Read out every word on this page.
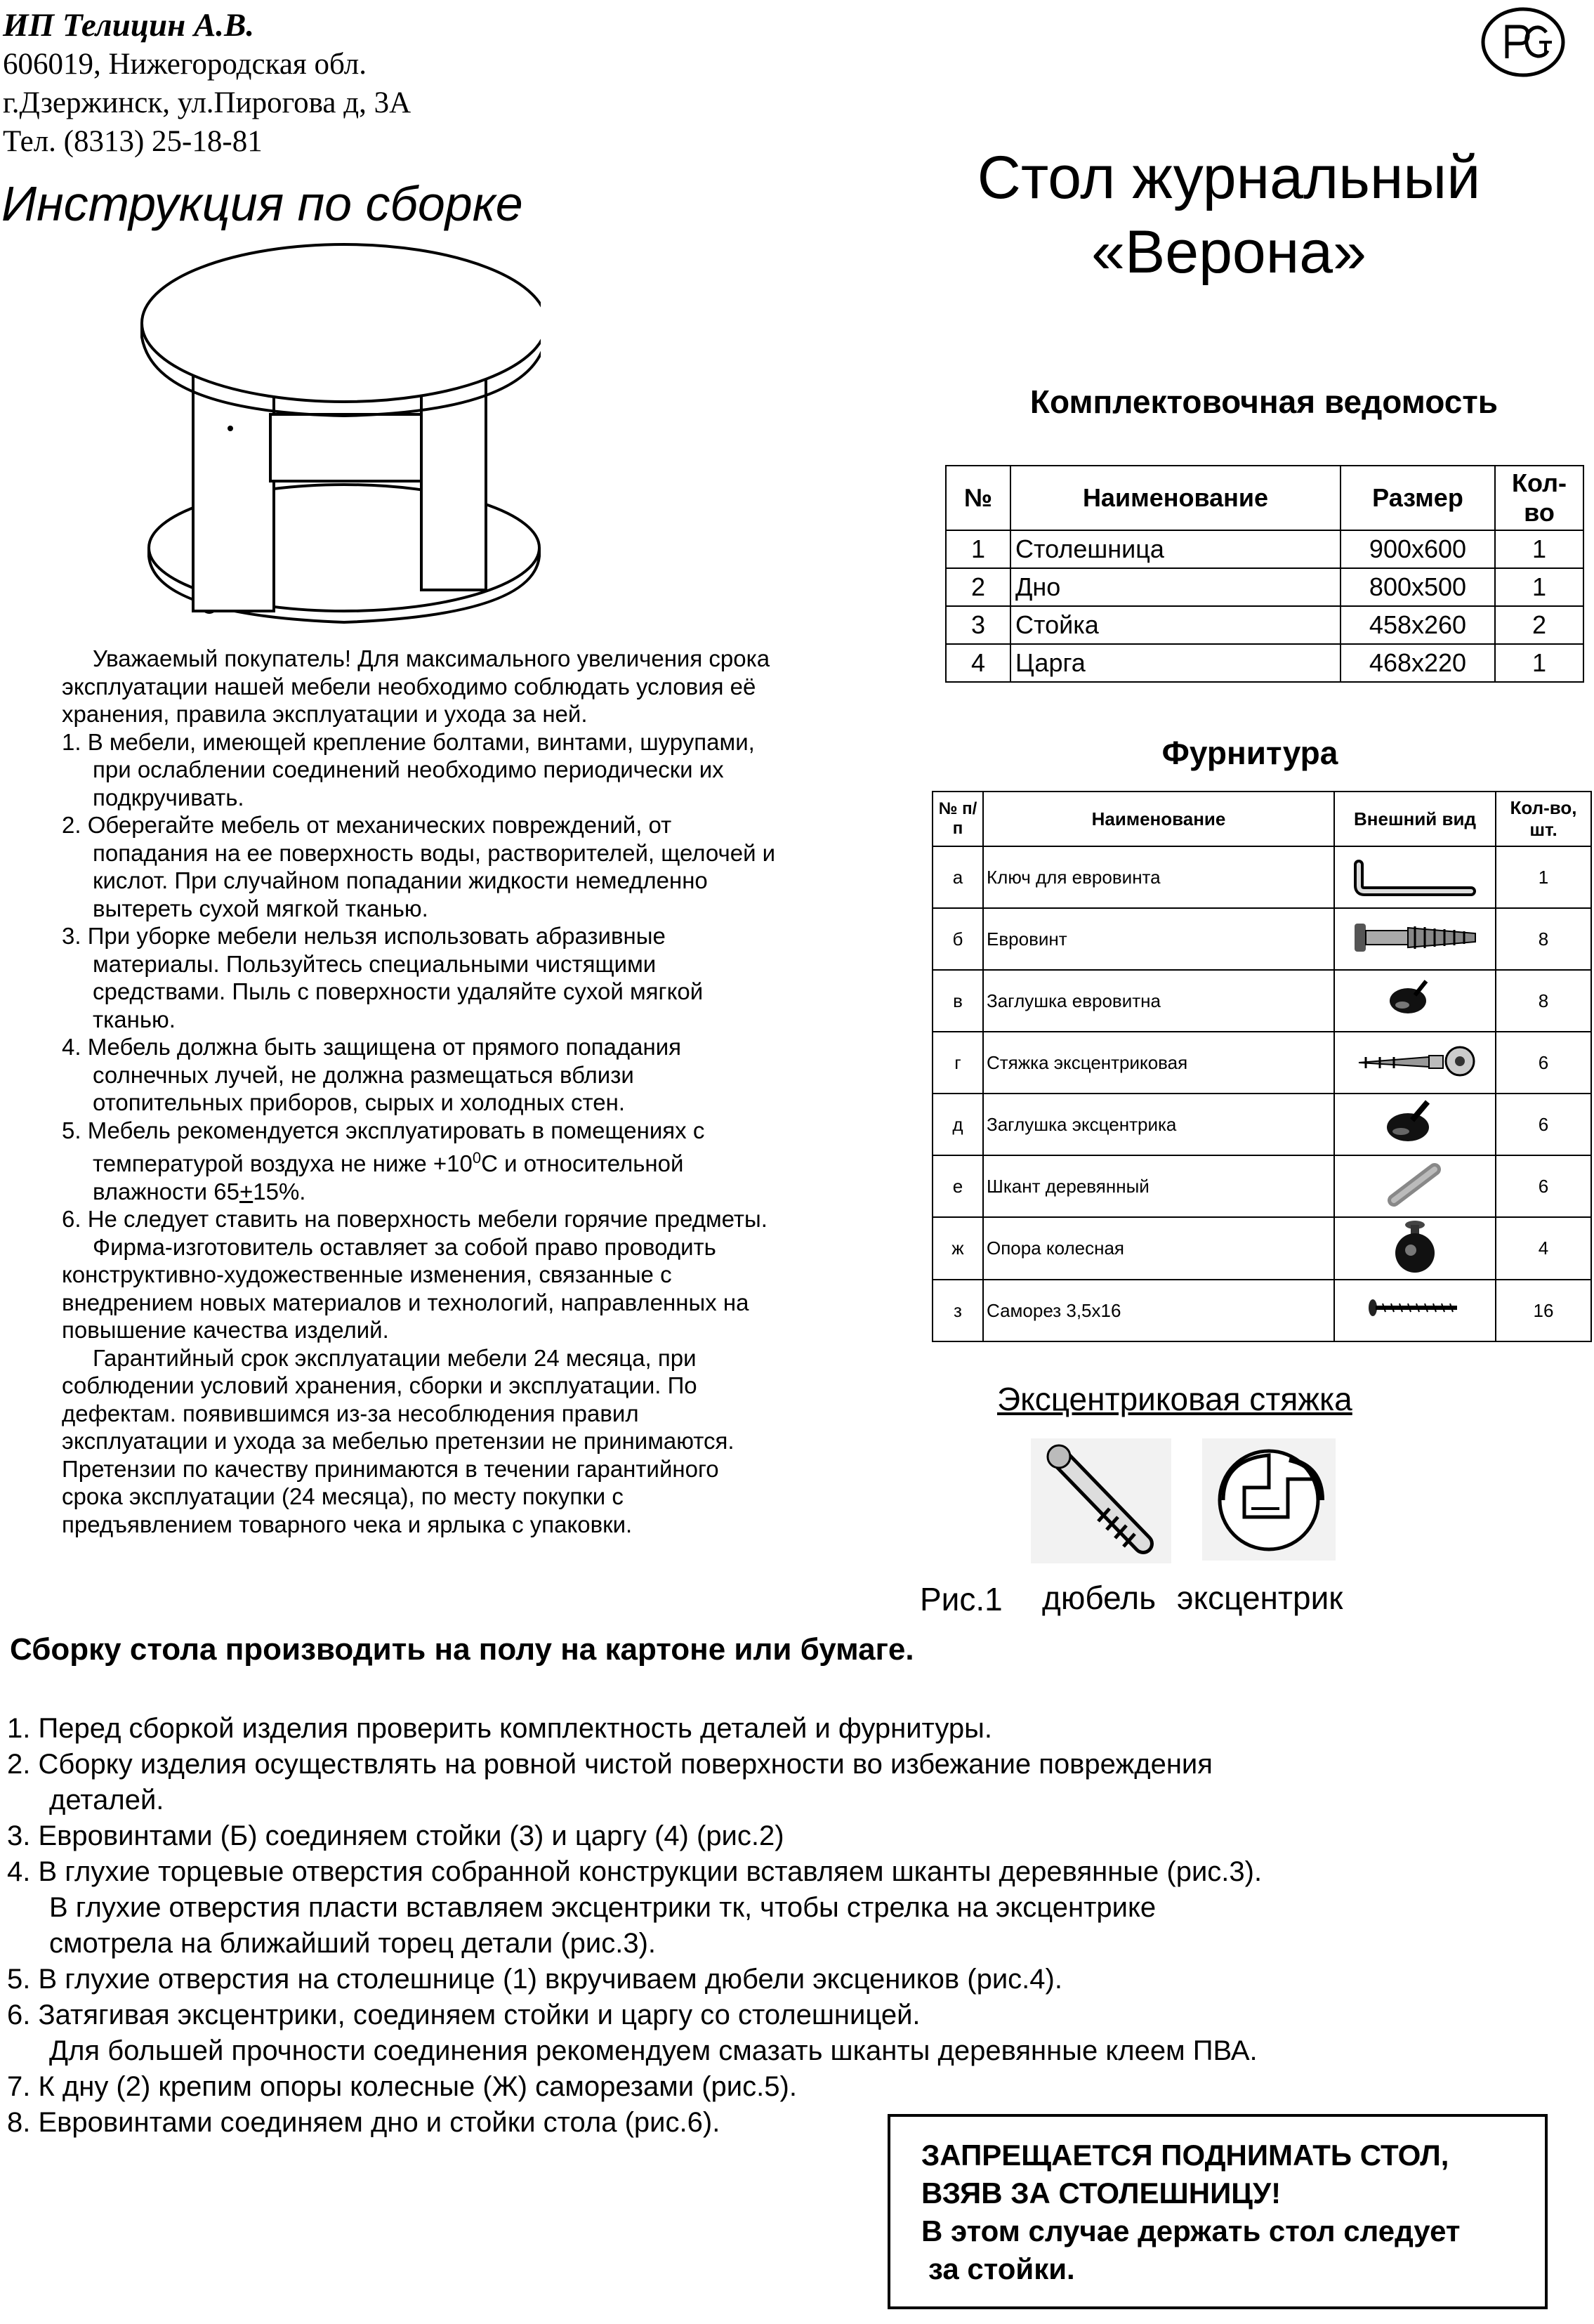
ИП Телицин А.В.
606019, Нижегородская обл.
г.Дзержинск, ул.Пирогова д, 3А
Тел. (8313) 25-18-81
Инструкция по сборке	Стол журнальный
«Верона»
Комплектовочная ведомость
№	Наименование	Размер	Кол-во
1	Столешница	900х600	1
2	Дно	800х500	1
3	Стойка	458х260	2
4	Царга	468х220	1
Фурнитура
№ п/п	Наименование	Внешний вид	Кол-во, шт.
а	Ключ для евровинта		1
б	Евровинт		8
в	Заглушка евровитна		8
г	Стяжка эксцентриковая		6
д	Заглушка эксцентрика		6
е	Шкант деревянный		6
ж	Опора колесная		4
з	Саморез 3,5х16		16
Эксцентриковая стяжка
Рис.1 дюбель эксцентрик
Уважаемый покупатель! Для максимального увеличения срока эксплуатации нашей мебели необходимо соблюдать условия её хранения, правила эксплуатации и ухода за ней.
1. В мебели, имеющей крепление болтами, винтами, шурупами, при ослаблении соединений необходимо периодически их подкручивать.
2. Оберегайте мебель от механических повреждений, от попадания на ее поверхность воды, растворителей, щелочей и кислот. При случайном попадании жидкости немедленно вытереть сухой мягкой тканью.
3. При уборке мебели нельзя использовать абразивные материалы. Пользуйтесь специальными чистящими средствами. Пыль с поверхности удаляйте сухой мягкой тканью.
4. Мебель должна быть защищена от прямого попадания солнечных лучей, не должна размещаться вблизи отопительных приборов, сырых и холодных стен.
5. Мебель рекомендуется эксплуатировать в помещениях с температурой воздуха не ниже $+10^0С$ и относительной влажности 65+15%.
6. Не следует ставить на поверхность мебели горячие предметы.
Фирма-изготовитель оставляет за собой право проводить конструктивно-художественные изменения, связанные с внедрением новых материалов и технологий, направленных на повышение качества изделий.
Гарантийный срок эксплуатации мебели 24 месяца, при соблюдении условий хранения, сборки и эксплуатации. По дефектам. появившимся из-за несоблюдения правил эксплуатации и ухода за мебелью претензии не принимаются. Претензии по качеству принимаются в течении гарантийного срока эксплуатации (24 месяца), по месту покупки с предъявлением товарного чека и ярлыка с упаковки.
Сборку стола производить на полу на картоне или бумаге.
1. Перед сборкой изделия проверить комплектность деталей и фурнитуры.
2. Сборку изделия осуществлять на ровной чистой поверхности во избежание повреждения
деталей.
3. Евровинтами (Б) соединяем стойки (3) и царгу (4) (рис.2)
4. В глухие торцевые отверстия собранной конструкции вставляем шканты деревянные (рис.3).
В глухие отверстия пласти вставляем эксцентрики тк, чтобы стрелка на эксцентрике
смотрела на ближайший торец детали (рис.3).
5. В глухие отверстия на столешнице (1) вкручиваем дюбели эксцеников (рис.4).
6. Затягивая эксцентрики, соединяем стойки и царгу со столешницей.
Для большей прочности соединения рекомендуем смазать шканты деревянные клеем ПВА.
7. К дну (2) крепим опоры колесные (Ж) саморезами (рис.5).
8. Евровинтами соединяем дно и стойки стола (рис.6).
ЗАПРЕЩАЕТСЯ ПОДНИМАТЬ СТОЛ,
ВЗЯВ ЗА СТОЛЕШНИЦУ!
В этом случае держать стол следует
за стойки.
